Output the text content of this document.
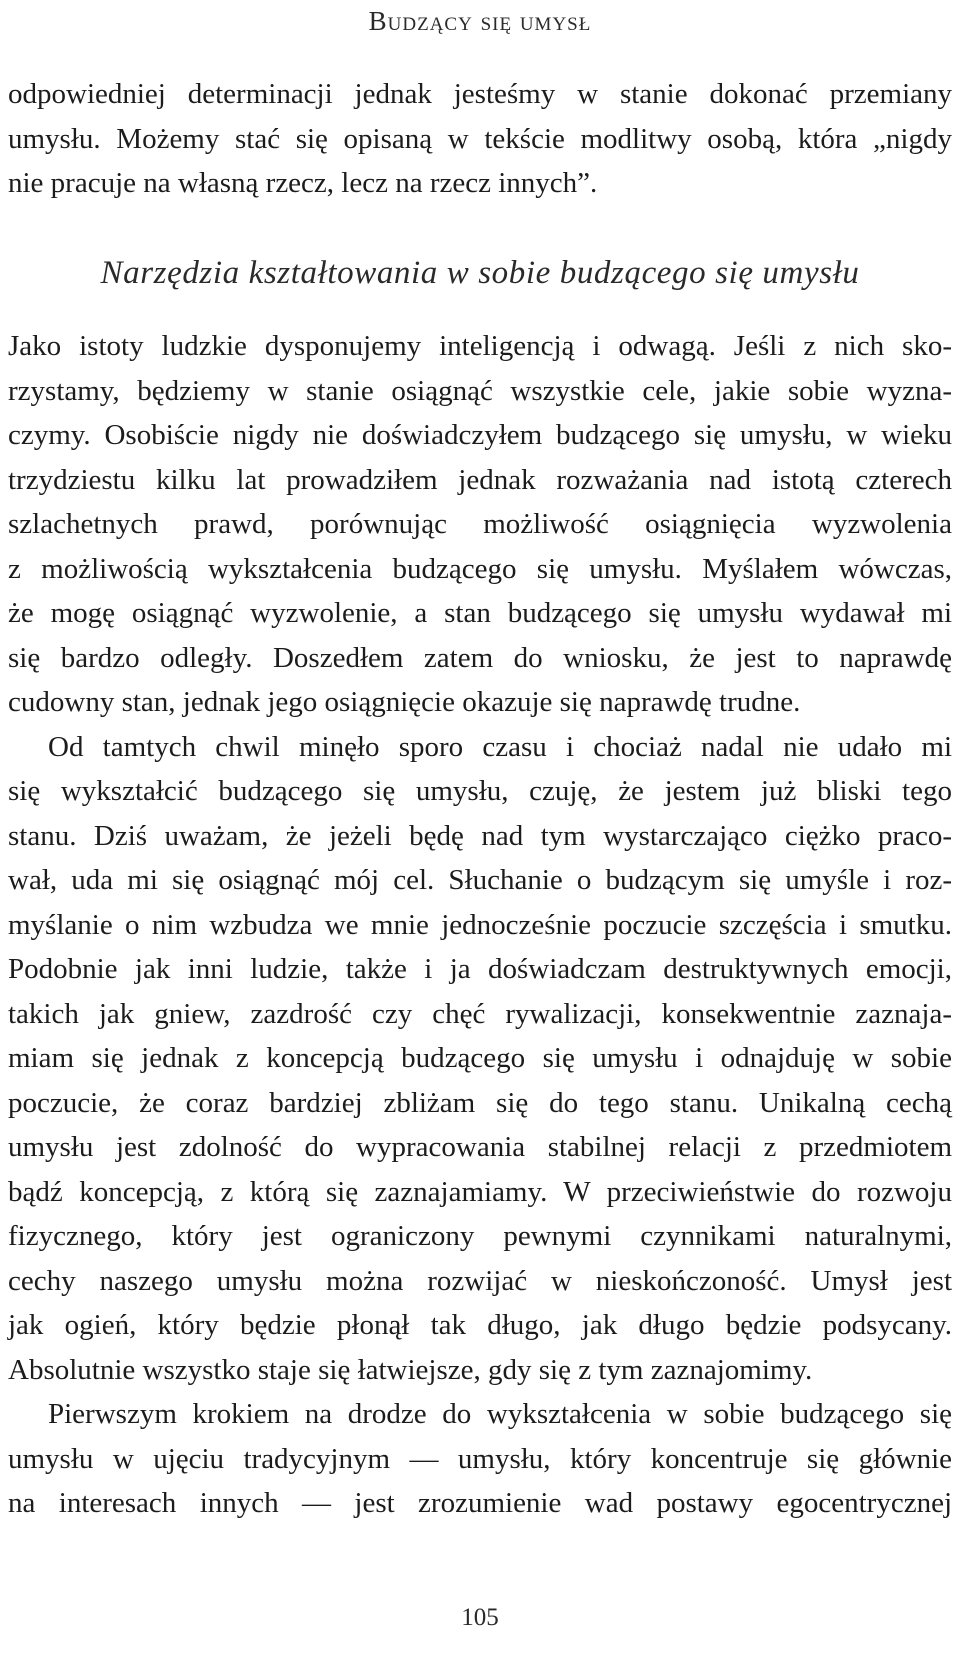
Budzący się umysł

odpowiedniej determinacji jednak jesteśmy w stanie dokonać przemiany

umysłu. Możemy stać się opisaną w tekście modlitwy osobą, która „nigdy

nie pracuje na własną rzecz, lecz na rzecz innych”.

Narzędzia kształtowania w sobie budzącego się umysłu

Jako istoty ludzkie dysponujemy inteligencją i odwagą. Jeśli z nich sko-

rzystamy, będziemy w stanie osiągnąć wszystkie cele, jakie sobie wyzna-

czymy. Osobiście nigdy nie doświadczyłem budzącego się umysłu, w wieku

trzydziestu kilku lat prowadziłem jednak rozważania nad istotą czterech

szlachetnych prawd, porównując możliwość osiągnięcia wyzwolenia

z możliwością wykształcenia budzącego się umysłu. Myślałem wówczas,

że mogę osiągnąć wyzwolenie, a stan budzącego się umysłu wydawał mi

się bardzo odległy. Doszedłem zatem do wniosku, że jest to naprawdę

cudowny stan, jednak jego osiągnięcie okazuje się naprawdę trudne.

Od tamtych chwil minęło sporo czasu i chociaż nadal nie udało mi

się wykształcić budzącego się umysłu, czuję, że jestem już bliski tego

stanu. Dziś uważam, że jeżeli będę nad tym wystarczająco ciężko praco-

wał, uda mi się osiągnąć mój cel. Słuchanie o budzącym się umyśle i roz-

myślanie o nim wzbudza we mnie jednocześnie poczucie szczęścia i smutku.

Podobnie jak inni ludzie, także i ja doświadczam destruktywnych emocji,

takich jak gniew, zazdrość czy chęć rywalizacji, konsekwentnie zaznaja-

miam się jednak z koncepcją budzącego się umysłu i odnajduję w sobie

poczucie, że coraz bardziej zbliżam się do tego stanu. Unikalną cechą

umysłu jest zdolność do wypracowania stabilnej relacji z przedmiotem

bądź koncepcją, z którą się zaznajamiamy. W przeciwieństwie do rozwoju

fizycznego, który jest ograniczony pewnymi czynnikami naturalnymi,

cechy naszego umysłu można rozwijać w nieskończoność. Umysł jest

jak ogień, który będzie płonął tak długo, jak długo będzie podsycany.

Absolutnie wszystko staje się łatwiejsze, gdy się z tym zaznajomimy.

Pierwszym krokiem na drodze do wykształcenia w sobie budzącego się

umysłu w ujęciu tradycyjnym — umysłu, który koncentruje się głównie

na interesach innych — jest zrozumienie wad postawy egocentrycznej

105
